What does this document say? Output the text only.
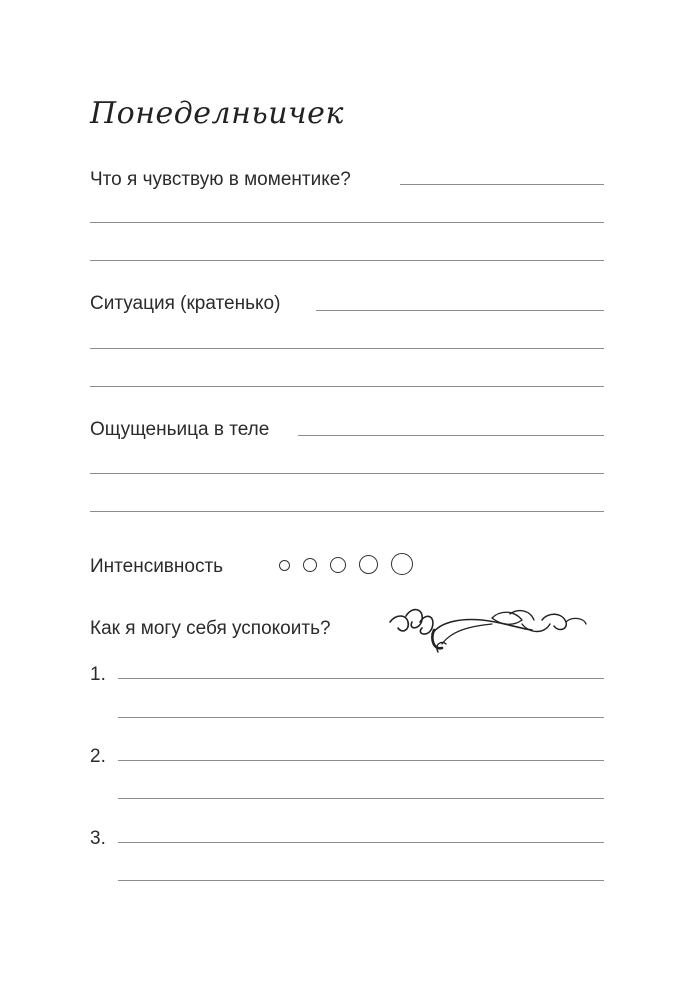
Понеделньичек
Что я чувствую в моментике?
Ситуация (кратенько)
Ощущеньица в теле
Интенсивность
Как я могу себя успокоить?
1.
2.
3.
